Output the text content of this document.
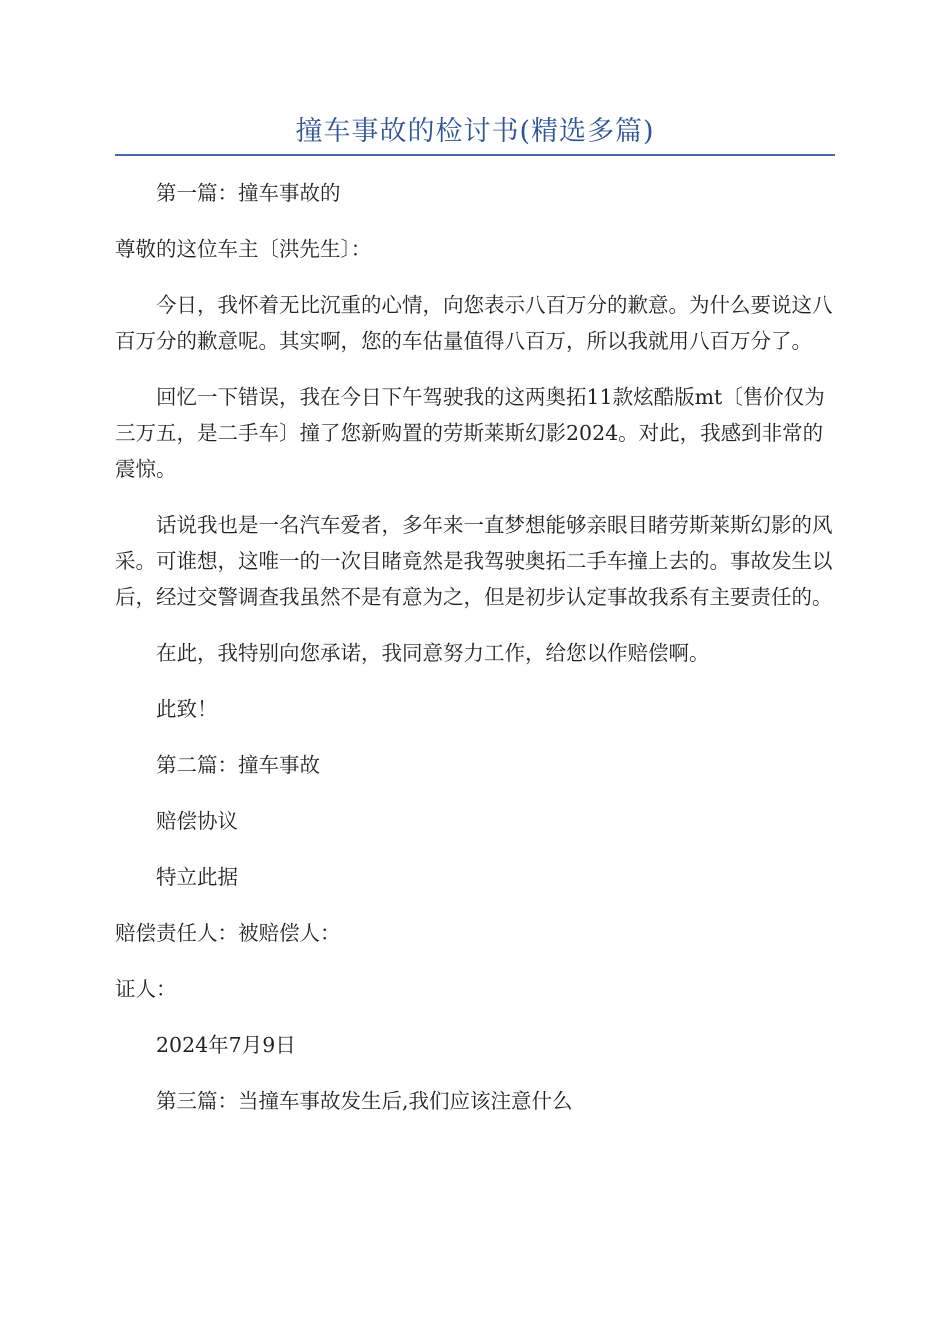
撞车事故的检讨书(精选多篇)

第一篇：撞车事故的

尊敬的这位车主〔洪先生〕：

今日，我怀着无比沉重的心情，向您表示八百万分的歉意。为什么要说这八百万分的歉意呢。其实啊，您的车估量值得八百万，所以我就用八百万分了。

回忆一下错误，我在今日下午驾驶我的这两奥拓11款炫酷版mt〔售价仅为三万五，是二手车〕撞了您新购置的劳斯莱斯幻影2024。对此，我感到非常的震惊。

话说我也是一名汽车爱者，多年来一直梦想能够亲眼目睹劳斯莱斯幻影的风采。可谁想，这唯一的一次目睹竟然是我驾驶奥拓二手车撞上去的。事故发生以后，经过交警调查我虽然不是有意为之，但是初步认定事故我系有主要责任的。

在此，我特别向您承诺，我同意努力工作，给您以作赔偿啊。

此致！

第二篇：撞车事故

赔偿协议

特立此据

赔偿责任人：被赔偿人：

证人：

2024年7月9日

第三篇：当撞车事故发生后,我们应该注意什么
